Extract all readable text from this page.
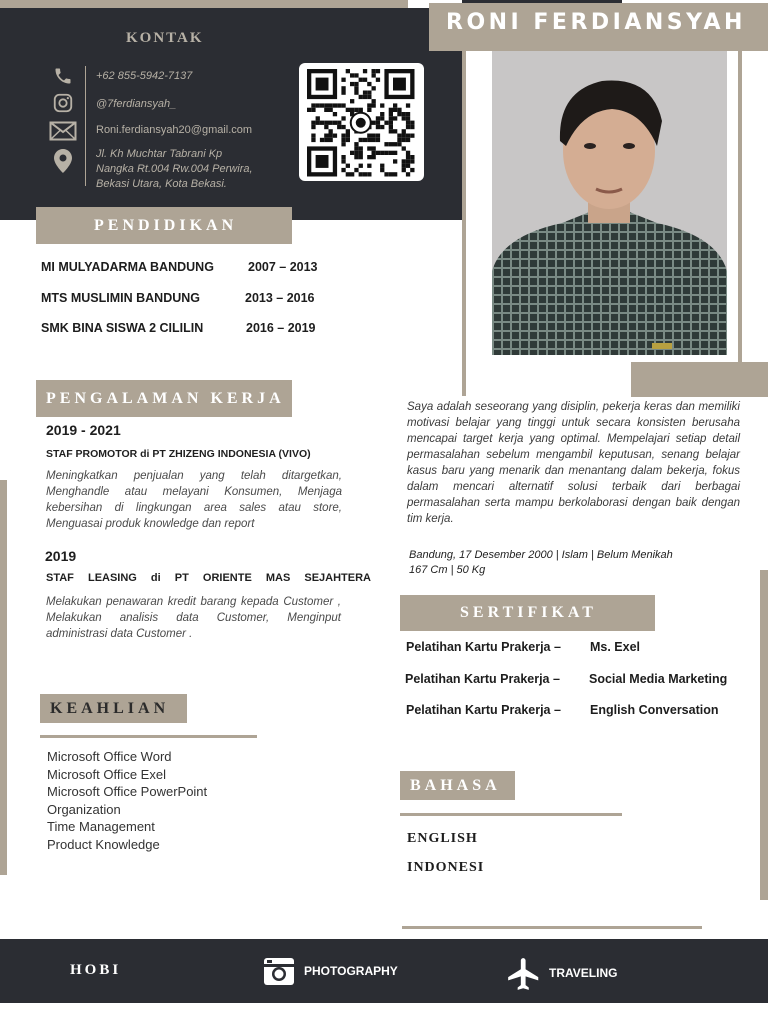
KONTAK
+62 855-5942-7137
@7ferdiansyah_
Roni.ferdiansyah20@gmail.com
Jl. Kh Muchtar Tabrani Kp
Nangka Rt.004 Rw.004 Perwira,
Bekasi Utara, Kota Bekasi.
RONI FERDIANSYAH
PENDIDIKAN
MI MULYADARMA BANDUNG	2007 – 2013
MTS MUSLIMIN BANDUNG	2013 – 2016
SMK BINA SISWA 2 CILILIN	2016 – 2019
PENGALAMAN KERJA
2019 - 2021
STAF PROMOTOR di PT ZHIZENG INDONESIA (VIVO)
Meningkatkan penjualan yang telah ditargetkan, Menghandle atau melayani Konsumen, Menjaga kebersihan di lingkungan area sales atau store, Menguasai produk knowledge dan report
2019
STAF LEASING di PT ORIENTE MAS SEJAHTERA
Melakukan penawaran kredit barang kepada Customer , Melakukan analisis data Customer, Menginput administrasi data Customer .
KEAHLIAN
Microsoft Office Word
Microsoft Office Exel
Microsoft Office PowerPoint
Organization
Time Management
Product Knowledge
Saya adalah seseorang yang disiplin, pekerja keras dan memiliki motivasi belajar yang tinggi untuk secara konsisten berusaha mencapai target kerja yang optimal. Mempelajari setiap detail permasalahan sebelum mengambil keputusan, senang belajar kasus baru yang menarik dan menantang dalam bekerja, fokus dalam mencari alternatif solusi terbaik dari berbagai permasalahan serta mampu berkolaborasi dengan baik dengan tim kerja.
Bandung, 17 Desember 2000 | Islam | Belum Menikah
167 Cm | 50 Kg
SERTIFIKAT
Pelatihan Kartu Prakerja – Ms. Exel
Pelatihan Kartu Prakerja – Social Media Marketing
Pelatihan Kartu Prakerja – English Conversation
BAHASA
ENGLISH
INDONESI
HOBI	PHOTOGRAPHY	TRAVELING
